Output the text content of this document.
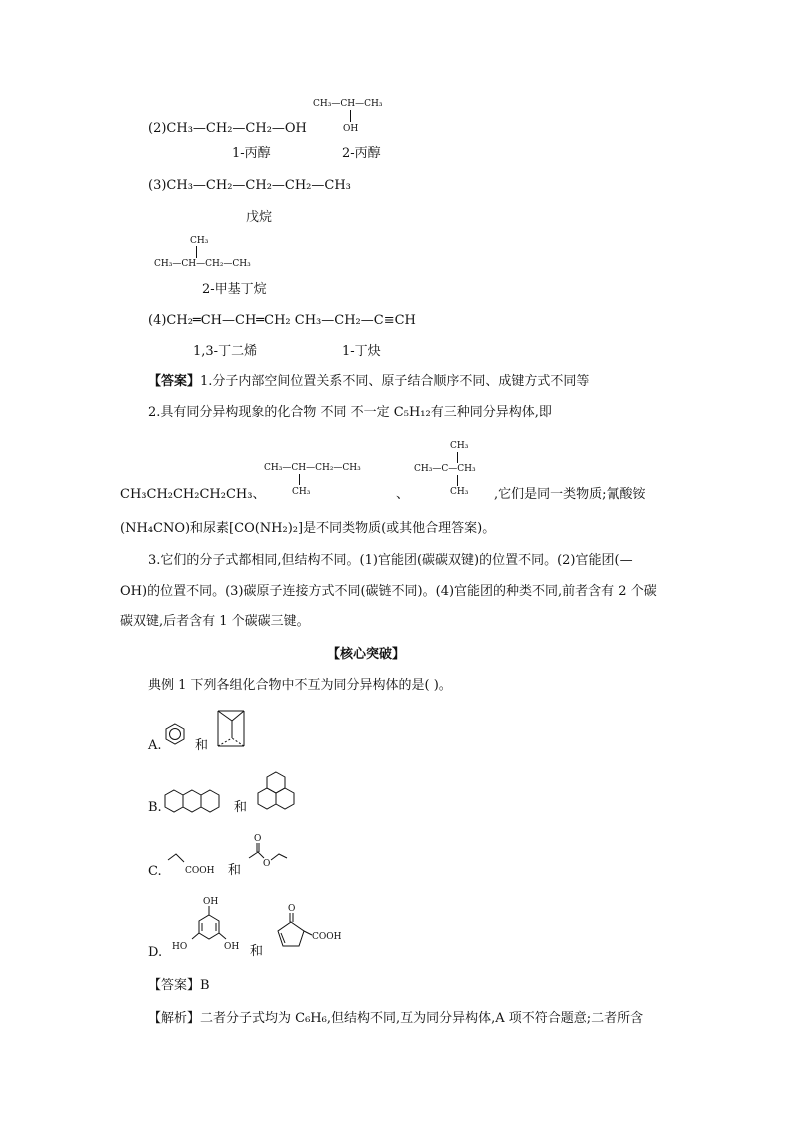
CH₃—CH—CH₃
OH
(2)CH₃—CH₂—CH₂—OH
1-丙醇	2-丙醇
(3)CH₃—CH₂—CH₂—CH₂—CH₃
戊烷
CH₃
CH₃—CH—CH₂—CH₃
2-甲基丁烷
(4)CH₂═CH—CH═CH₂ CH₃—CH₂—C≡CH
1,3-丁二烯	1-丁炔
【答案】1.分子内部空间位置关系不同、原子结合顺序不同、成键方式不同等
2.具有同分异构现象的化合物 不同 不一定 C₅H₁₂有三种同分异构体,即
CH₃—CH—CH₂—CH₃
CH₃
CH₃
CH₃—C—CH₃
CH₃
CH₃CH₂CH₂CH₂CH₃、	、	,它们是同一类物质;氰酸铵
(NH₄CNO)和尿素[CO(NH₂)₂]是不同类物质(或其他合理答案)。
3.它们的分子式都相同,但结构不同。(1)官能团(碳碳双键)的位置不同。(2)官能团(—
OH)的位置不同。(3)碳原子连接方式不同(碳链不同)。(4)官能团的种类不同,前者含有 2 个碳
碳双键,后者含有 1 个碳碳三键。
【核心突破】
典例 1 下列各组化合物中不互为同分异构体的是( )。
A.	和
B.	和
C.	COOH 和
O
O
D.
OH
HO	OH 和
O
COOH
【答案】B
【解析】二者分子式均为 C₆H₆,但结构不同,互为同分异构体,A 项不符合题意;二者所含
